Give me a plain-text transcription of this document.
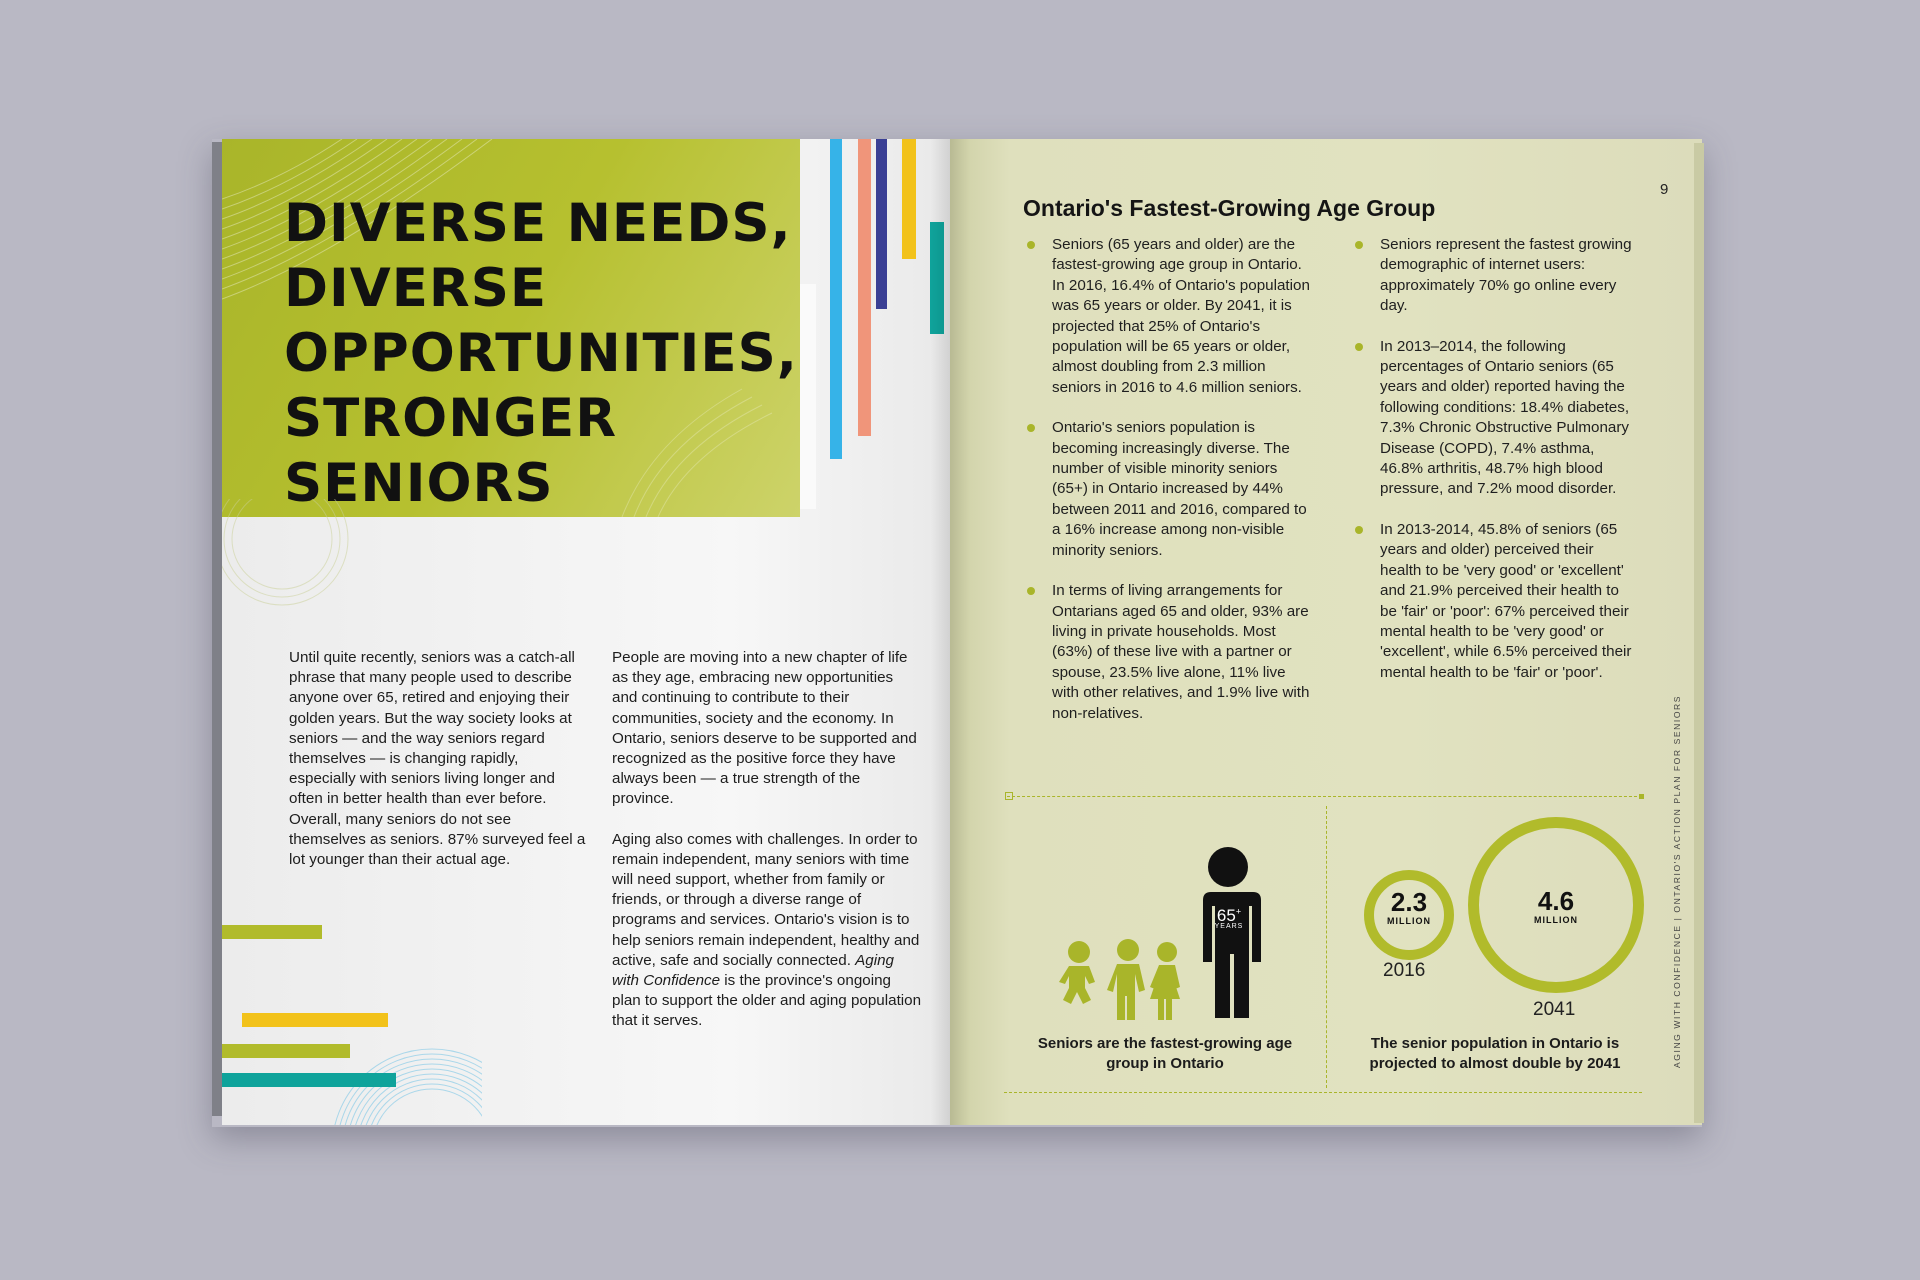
DIVERSE NEEDS,
DIVERSE
OPPORTUNITIES,
STRONGER
SENIORS

Until quite recently, seniors was a catch-all phrase that many people used to describe anyone over 65, retired and enjoying their golden years. But the way society looks at seniors — and the way seniors regard themselves — is changing rapidly, especially with seniors living longer and often in better health than ever before. Overall, many seniors do not see themselves as seniors. 87% surveyed feel a lot younger than their actual age.

People are moving into a new chapter of life as they age, embracing new opportunities and continuing to contribute to their communities, society and the economy. In Ontario, seniors deserve to be supported and recognized as the positive force they have always been — a true strength of the province.

Aging also comes with challenges. In order to remain independent, many seniors with time will need support, whether from family or friends, or through a diverse range of programs and services. Ontario's vision is to help seniors remain independent, healthy and active, safe and socially connected. Aging with Confidence is the province's ongoing plan to support the older and aging population that it serves.

9
Ontario's Fastest-Growing Age Group
Seniors (65 years and older) are the fastest-growing age group in Ontario. In 2016, 16.4% of Ontario's population was 65 years or older. By 2041, it is projected that 25% of Ontario's population will be 65 years or older, almost doubling from 2.3 million seniors in 2016 to 4.6 million seniors.
Ontario's seniors population is becoming increasingly diverse. The number of visible minority seniors (65+) in Ontario increased by 44% between 2011 and 2016, compared to a 16% increase among non-visible minority seniors.
In terms of living arrangements for Ontarians aged 65 and older, 93% are living in private households. Most (63%) of these live with a partner or spouse, 23.5% live alone, 11% live with other relatives, and 1.9% live with non-relatives.
Seniors represent the fastest growing demographic of internet users: approximately 70% go online every day.
In 2013–2014, the following percentages of Ontario seniors (65 years and older) reported having the following conditions: 18.4% diabetes, 7.3% Chronic Obstructive Pulmonary Disease (COPD), 7.4% asthma, 46.8% arthritis, 48.7% high blood pressure, and 7.2% mood disorder.
In 2013-2014, 45.8% of seniors (65 years and older) perceived their health to be 'very good' or 'excellent' and 21.9% perceived their health to be 'fair' or 'poor': 67% perceived their mental health to be 'very good' or 'excellent', while 6.5% perceived their mental health to be 'fair' or 'poor'.
AGING WITH CONFIDENCE | ONTARIO'S ACTION PLAN FOR SENIORS
65+
YEARS
Seniors are the fastest-growing age group in Ontario
2.3
MILLION
2016
4.6
MILLION
2041
The senior population in Ontario is projected to almost double by 2041
